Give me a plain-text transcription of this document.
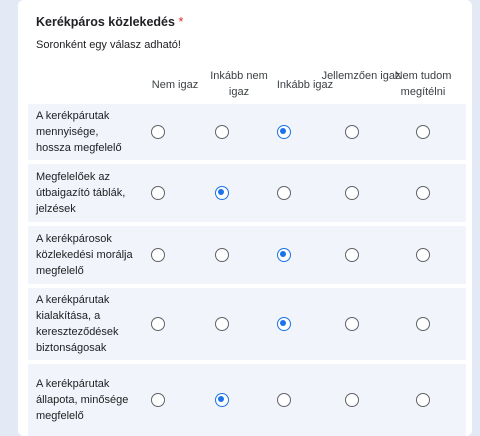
Kerékpáros közlekedés *
Soronként egy válasz adható!
Nem igaz
Inkább nem igaz
Inkább igaz
Jellemzően igaz
Nem tudom megítélni
A kerékpárutak mennyisége, hossza megfelelő
Megfelelőek az útbaigazító táblák, jelzések
A kerékpárosok közlekedési morálja megfelelő
A kerékpárutak kialakítása, a kereszteződések biztonságosak
A kerékpárutak állapota, minősége megfelelő
